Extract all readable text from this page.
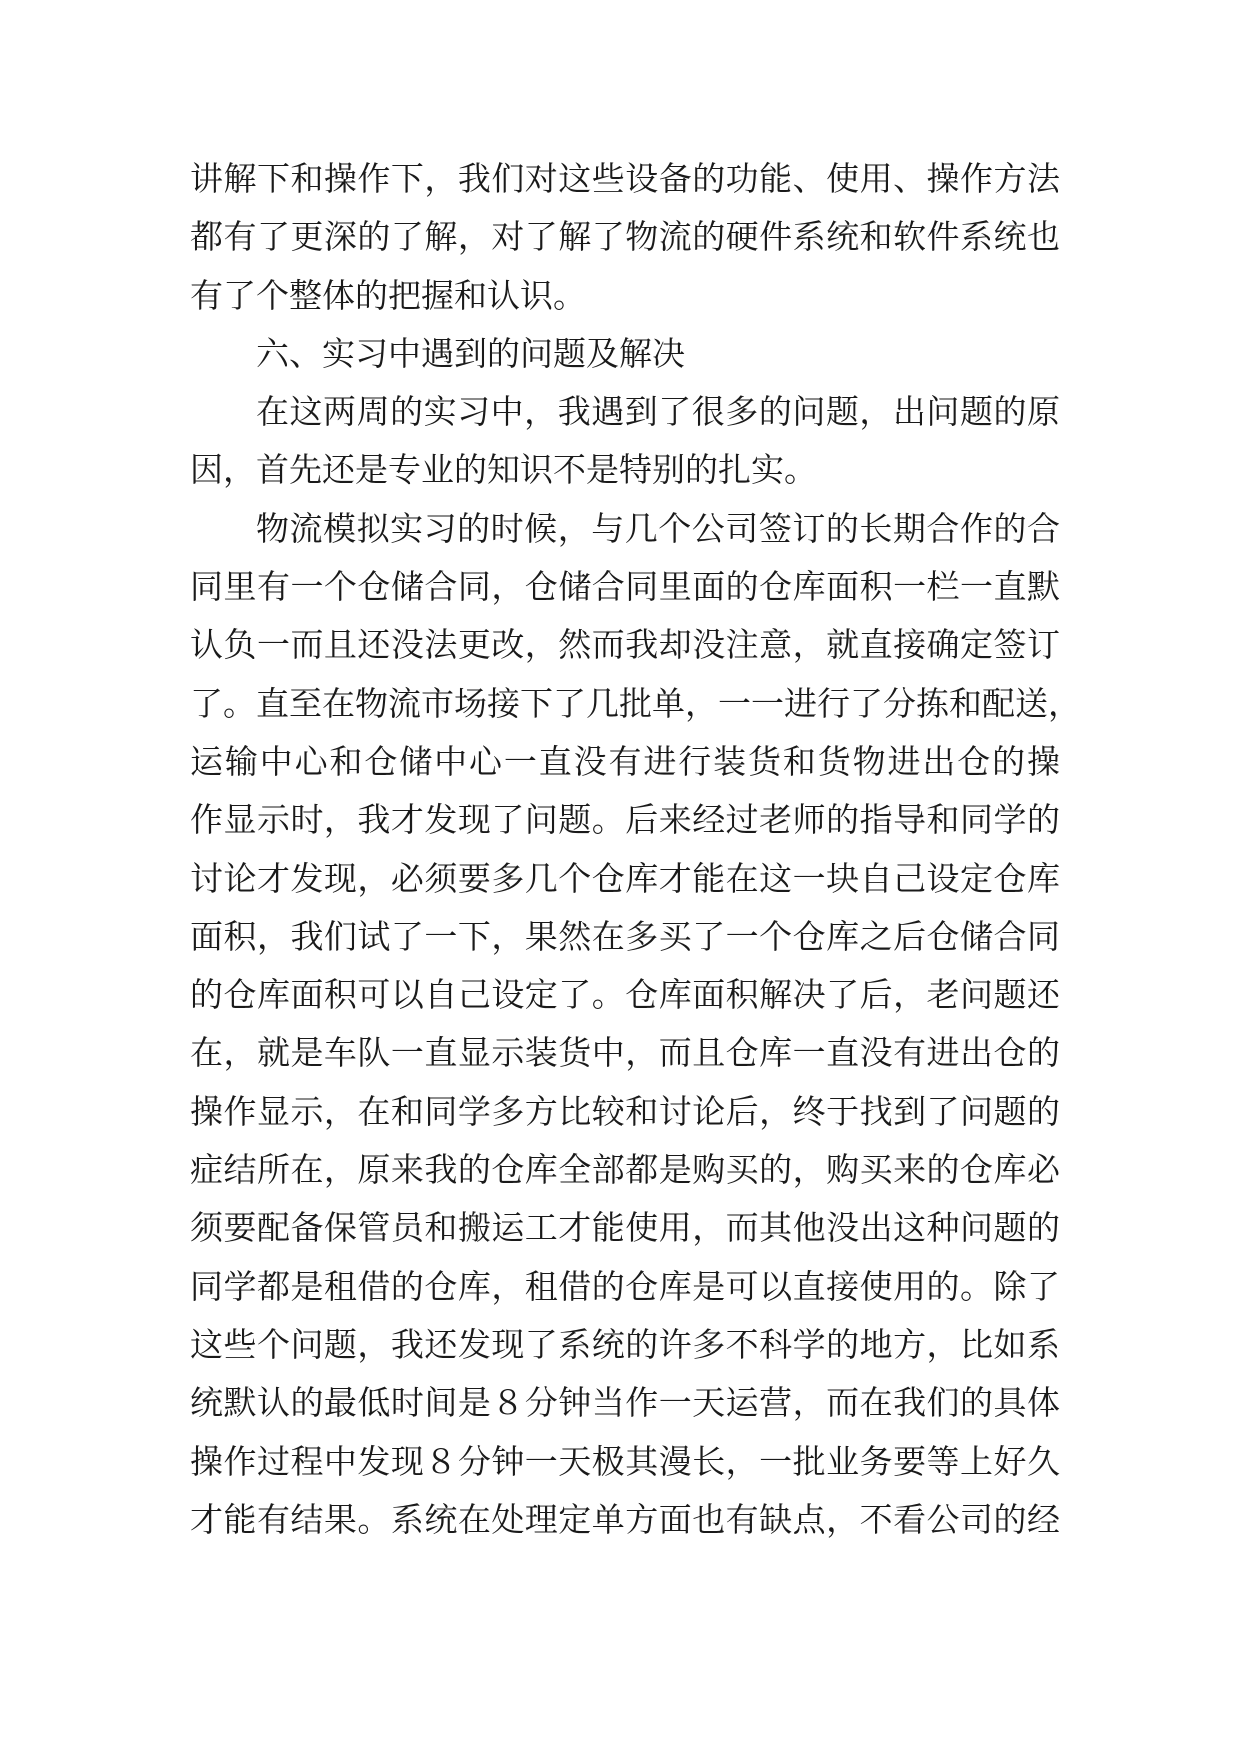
讲解下和操作下，我们对这些设备的功能、使用、操作方法
都有了更深的了解，对了解了物流的硬件系统和软件系统也
有了个整体的把握和认识。
六、实习中遇到的问题及解决
在这两周的实习中，我遇到了很多的问题，出问题的原
因，首先还是专业的知识不是特别的扎实。
物流模拟实习的时候，与几个公司签订的长期合作的合
同里有一个仓储合同，仓储合同里面的仓库面积一栏一直默
认负一而且还没法更改，然而我却没注意，就直接确定签订
了。直至在物流市场接下了几批单，一一进行了分拣和配送，
运输中心和仓储中心一直没有进行装货和货物进出仓的操
作显示时，我才发现了问题。后来经过老师的指导和同学的
讨论才发现，必须要多几个仓库才能在这一块自己设定仓库
面积，我们试了一下，果然在多买了一个仓库之后仓储合同
的仓库面积可以自己设定了。仓库面积解决了后，老问题还
在，就是车队一直显示装货中，而且仓库一直没有进出仓的
操作显示，在和同学多方比较和讨论后，终于找到了问题的
症结所在，原来我的仓库全部都是购买的，购买来的仓库必
须要配备保管员和搬运工才能使用，而其他没出这种问题的
同学都是租借的仓库，租借的仓库是可以直接使用的。除了
这些个问题，我还发现了系统的许多不科学的地方，比如系
统默认的最低时间是８分钟当作一天运营，而在我们的具体
操作过程中发现８分钟一天极其漫长，一批业务要等上好久
才能有结果。系统在处理定单方面也有缺点，不看公司的经
